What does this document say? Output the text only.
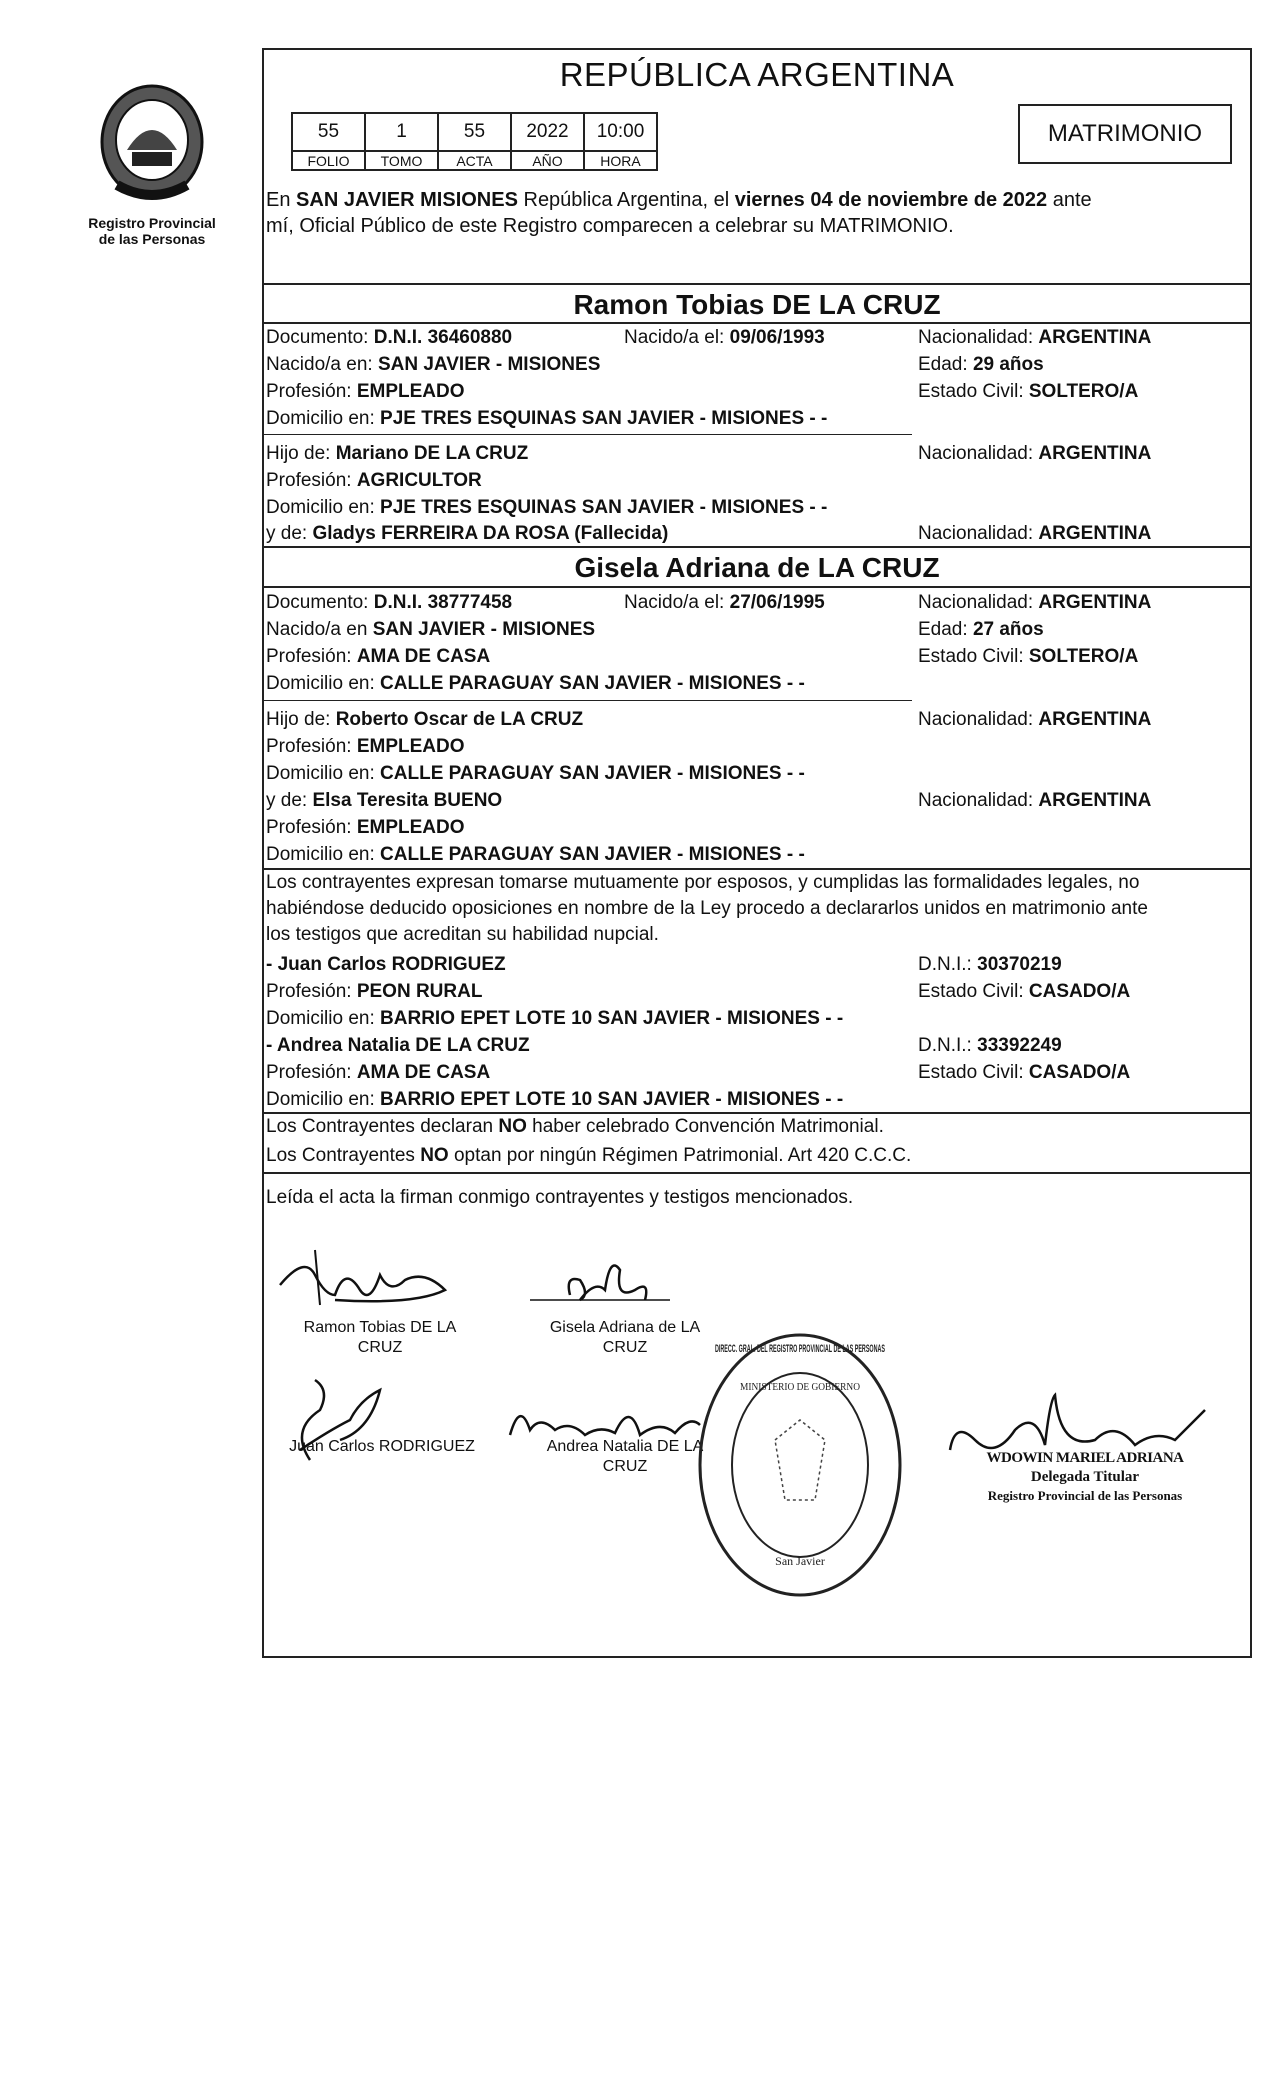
Registro Provincial
de las Personas
REPÚBLICA ARGENTINA
55	1	55	2022	10:00
FOLIO	TOMO	ACTA	AÑO	HORA
MATRIMONIO
En SAN JAVIER MISIONES República Argentina, el viernes 04 de noviembre de 2022 ante
mí, Oficial Público de este Registro comparecen a celebrar su MATRIMONIO.
Ramon Tobias DE LA CRUZ
Documento: D.N.I. 36460880	Nacido/a el: 09/06/1993	Nacionalidad: ARGENTINA
Nacido/a en: SAN JAVIER - MISIONES	Edad: 29 años
Profesión: EMPLEADO	Estado Civil: SOLTERO/A
Domicilio en: PJE TRES ESQUINAS SAN JAVIER - MISIONES - -
Hijo de: Mariano DE LA CRUZ	Nacionalidad: ARGENTINA
Profesión: AGRICULTOR
Domicilio en: PJE TRES ESQUINAS SAN JAVIER - MISIONES - -
y de: Gladys FERREIRA DA ROSA (Fallecida)	Nacionalidad: ARGENTINA
Gisela Adriana de LA CRUZ
Documento: D.N.I. 38777458	Nacido/a el: 27/06/1995	Nacionalidad: ARGENTINA
Nacido/a en SAN JAVIER - MISIONES	Edad: 27 años
Profesión: AMA DE CASA	Estado Civil: SOLTERO/A
Domicilio en: CALLE PARAGUAY SAN JAVIER - MISIONES - -
Hijo de: Roberto Oscar de LA CRUZ	Nacionalidad: ARGENTINA
Profesión: EMPLEADO
Domicilio en: CALLE PARAGUAY SAN JAVIER - MISIONES - -
y de: Elsa Teresita BUENO	Nacionalidad: ARGENTINA
Profesión: EMPLEADO
Domicilio en: CALLE PARAGUAY SAN JAVIER - MISIONES - -
Los contrayentes expresan tomarse mutuamente por esposos, y cumplidas las formalidades legales, no
habiéndose deducido oposiciones en nombre de la Ley procedo a declararlos unidos en matrimonio ante
los testigos que acreditan su habilidad nupcial.
- Juan Carlos RODRIGUEZ	D.N.I.: 30370219
Profesión: PEON RURAL	Estado Civil: CASADO/A
Domicilio en: BARRIO EPET LOTE 10 SAN JAVIER - MISIONES - -
- Andrea Natalia DE LA CRUZ	D.N.I.: 33392249
Profesión: AMA DE CASA	Estado Civil: CASADO/A
Domicilio en: BARRIO EPET LOTE 10 SAN JAVIER - MISIONES - -
Los Contrayentes declaran NO haber celebrado Convención Matrimonial.
Los Contrayentes NO optan por ningún Régimen Patrimonial. Art 420 C.C.C.
Leída el acta la firman conmigo contrayentes y testigos mencionados.
Ramon Tobias DE LA
CRUZ
Gisela Adriana de LA
CRUZ
Juan Carlos RODRIGUEZ	Andrea Natalia DE LA
CRUZ
San Javier
DIRECC. GRAL. DEL REGISTRO PROVINCIAL DE LAS PERSONAS
MINISTERIO DE GOBIERNO
WDOWIN MARIEL ADRIANA
Delegada Titular
Registro Provincial de las Personas
